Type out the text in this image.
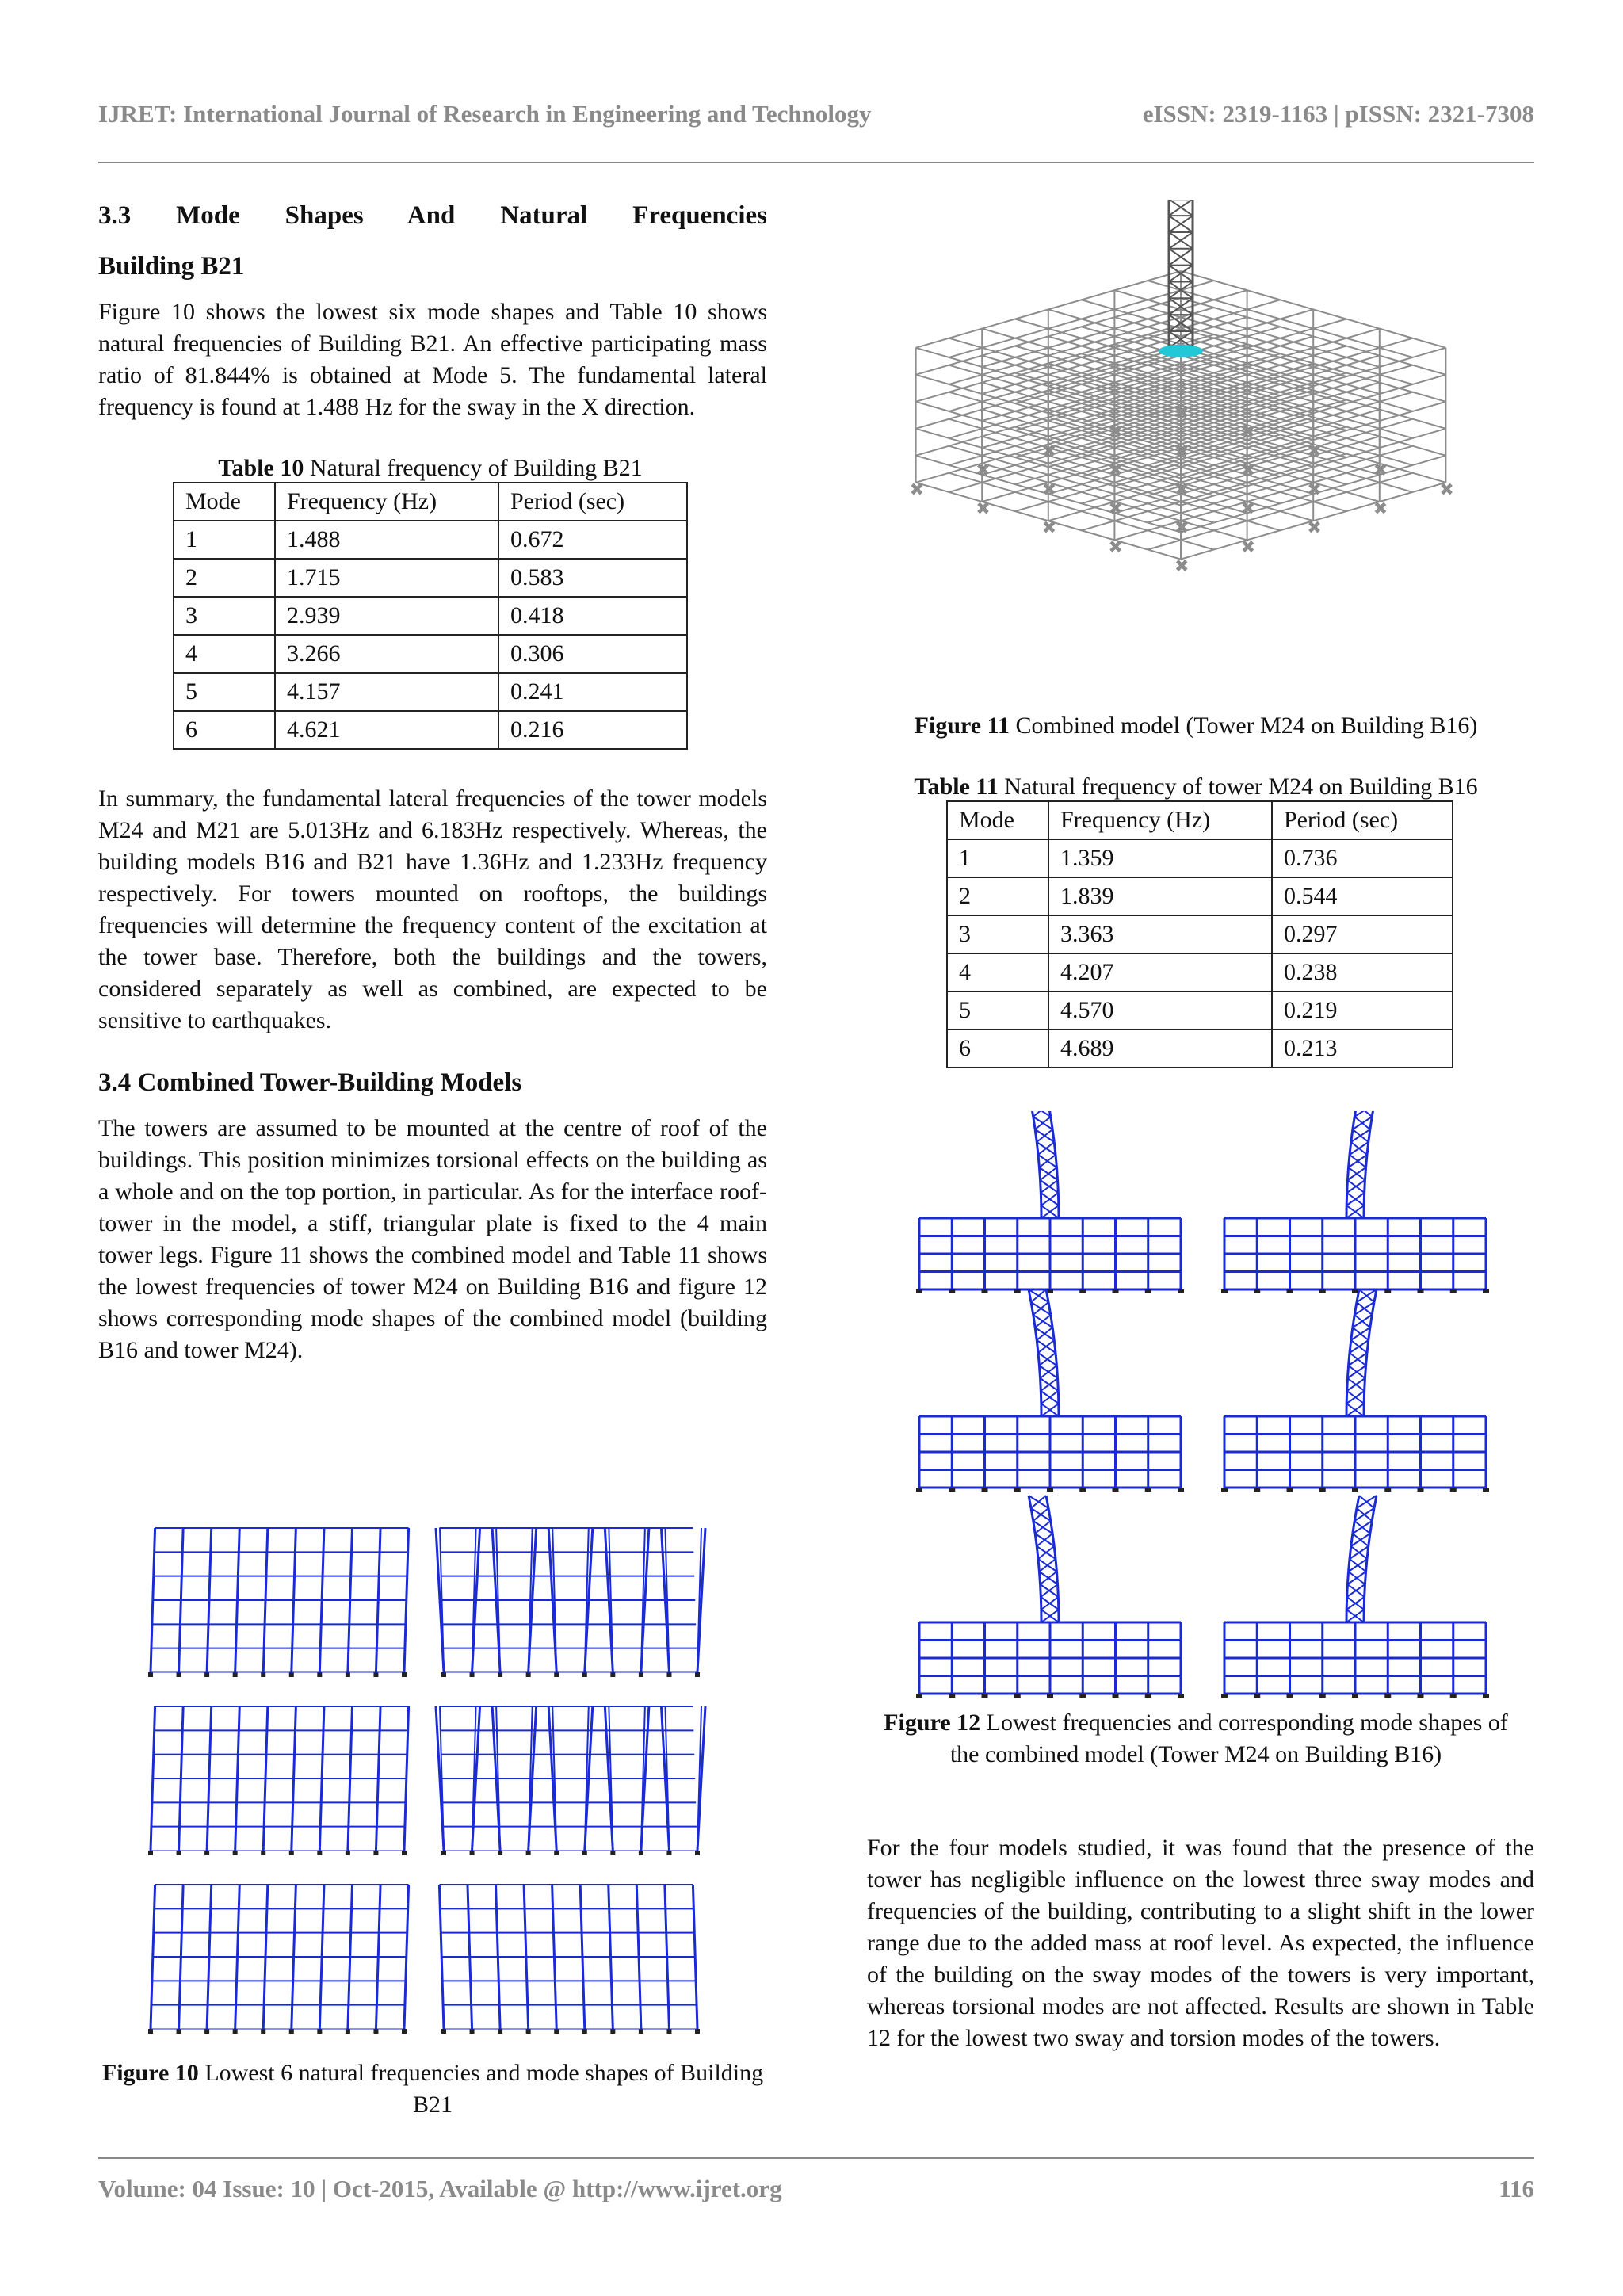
IJRET: International Journal of Research in Engineering and Technology	eISSN: 2319-1163 | pISSN: 2321-7308
3.3 Mode Shapes And Natural Frequencies
Building B21

Figure 10 shows the lowest six mode shapes and Table 10 shows natural frequencies of Building B21. An effective participating mass ratio of 81.844% is obtained at Mode 5. The fundamental lateral frequency is found at 1.488 Hz for the sway in the X direction.

Table 10 Natural frequency of Building B21
Mode	Frequency (Hz)	Period (sec)
1	1.488	0.672
2	1.715	0.583
3	2.939	0.418
4	3.266	0.306
5	4.157	0.241
6	4.621	0.216

In summary, the fundamental lateral frequencies of the tower models M24 and M21 are 5.013Hz and 6.183Hz respectively. Whereas, the building models B16 and B21 have 1.36Hz and 1.233Hz frequency respectively. For towers mounted on rooftops, the buildings frequencies will determine the frequency content of the excitation at the tower base. Therefore, both the buildings and the towers, considered separately as well as combined, are expected to be sensitive to earthquakes.

3.4 Combined Tower-Building Models

The towers are assumed to be mounted at the centre of roof of the buildings. This position minimizes torsional effects on the building as a whole and on the top portion, in particular. As for the interface roof-tower in the model, a stiff, triangular plate is fixed to the 4 main tower legs. Figure 11 shows the combined model and Table 11 shows the lowest frequencies of tower M24 on Building B16 and figure 12 shows corresponding mode shapes of the combined model (building B16 and tower M24).

Figure 10 Lowest 6 natural frequencies and mode shapes of Building B21
✖
✖
✖
✖
✖
✖
✖
✖
✖
✖
✖
✖
✖
✖
✖
✖
✖
✖
✖
✖
✖
✖
✖
✖
✖
Figure 11 Combined model (Tower M24 on Building B16)
Table 11 Natural frequency of tower M24 on Building B16
Mode	Frequency (Hz)	Period (sec)
1	1.359	0.736
2	1.839	0.544
3	3.363	0.297
4	4.207	0.238
5	4.570	0.219
6	4.689	0.213
Figure 12 Lowest frequencies and corresponding mode shapes of the combined model (Tower M24 on Building B16)

For the four models studied, it was found that the presence of the tower has negligible influence on the lowest three sway modes and frequencies of the building, contributing to a slight shift in the lower range due to the added mass at roof level. As expected, the influence of the building on the sway modes of the towers is very important, whereas torsional modes are not affected. Results are shown in Table 12 for the lowest two sway and torsion modes of the towers.

Volume: 04 Issue: 10 | Oct-2015, Available @ http://www.ijret.org	116
